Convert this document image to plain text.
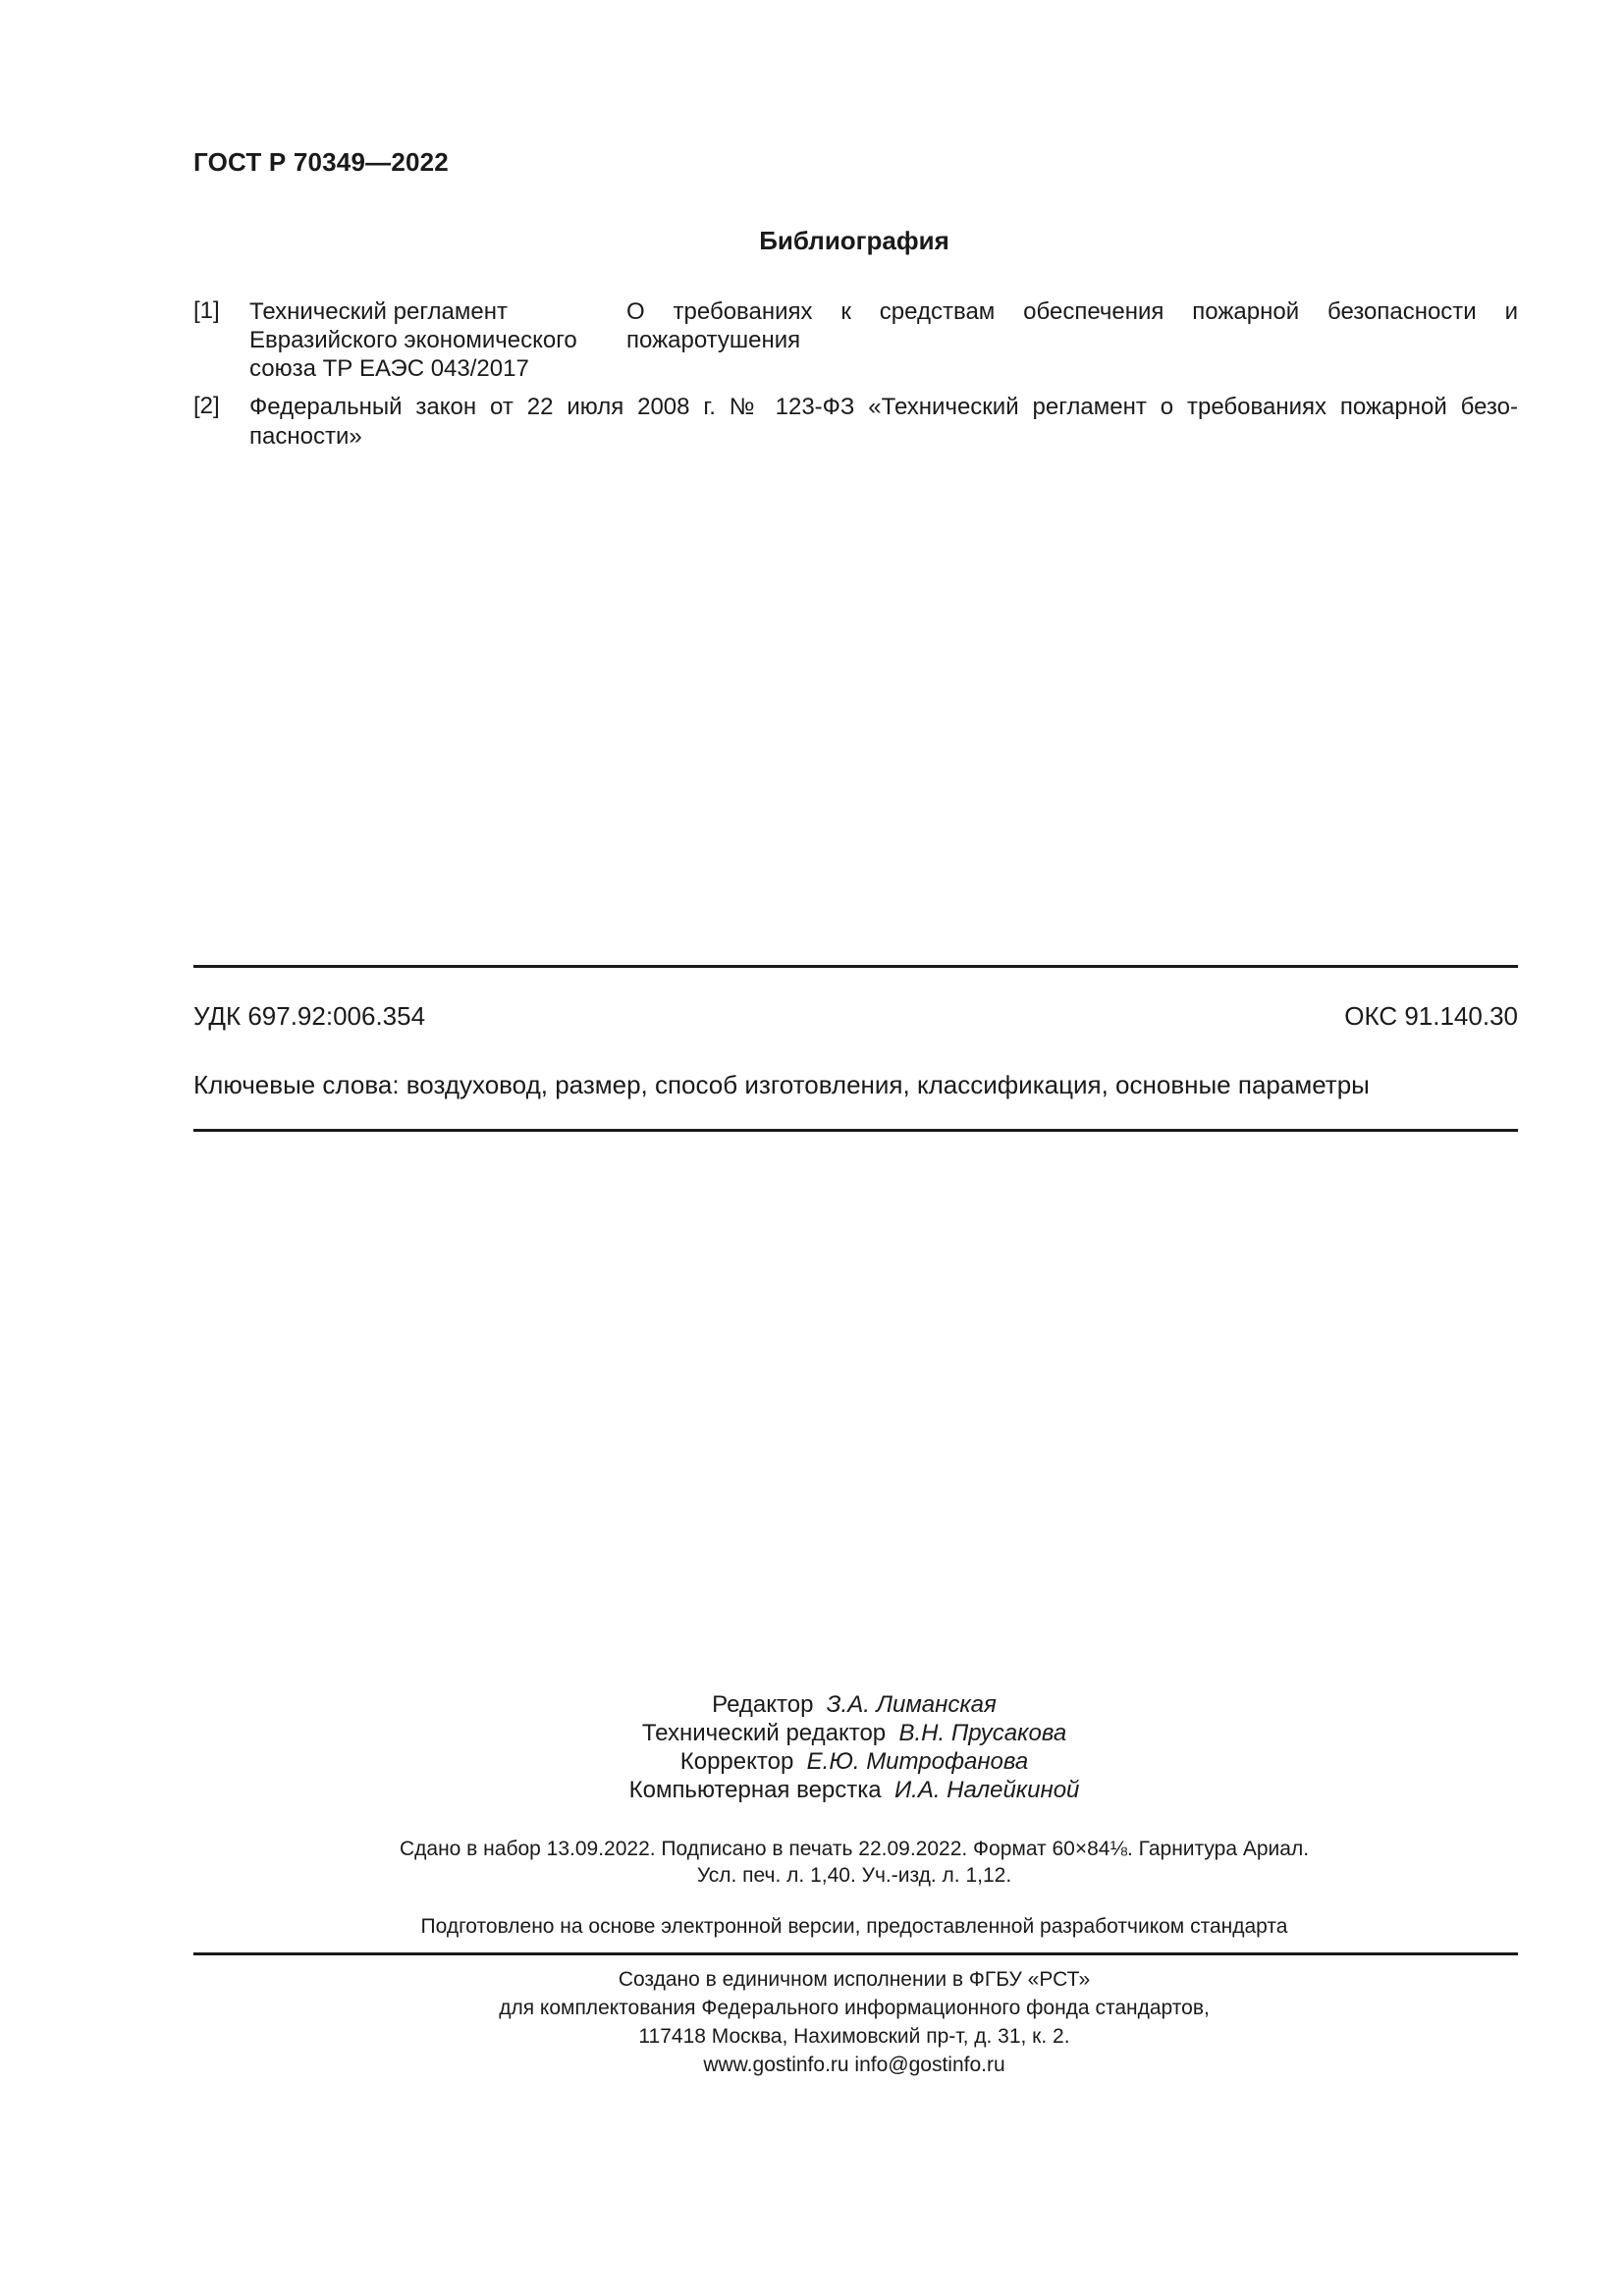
ГОСТ Р 70349—2022
Библиография
[1] Технический регламент
Евразийского экономического
союза ТР ЕАЭС 043/2017
О требованиях к средствам обеспечения пожарной безопасности и пожаротушения
[2] Федеральный закон от 22 июля 2008 г. № 123-ФЗ «Технический регламент о требованиях пожарной безо-пасности»
УДК 697.92:006.354	ОКС 91.140.30
Ключевые слова: воздуховод, размер, способ изготовления, классификация, основные параметры
Редактор З.А. Лиманская
Технический редактор В.Н. Прусакова
Корректор Е.Ю. Митрофанова
Компьютерная верстка И.А. Налейкиной
Сдано в набор 13.09.2022. Подписано в печать 22.09.2022. Формат 60×84⅛. Гарнитура Ариал.
Усл. печ. л. 1,40. Уч.-изд. л. 1,12.
Подготовлено на основе электронной версии, предоставленной разработчиком стандарта
Создано в единичном исполнении в ФГБУ «РСТ»
для комплектования Федерального информационного фонда стандартов,
117418 Москва, Нахимовский пр-т, д. 31, к. 2.
www.gostinfo.ru info@gostinfo.ru
